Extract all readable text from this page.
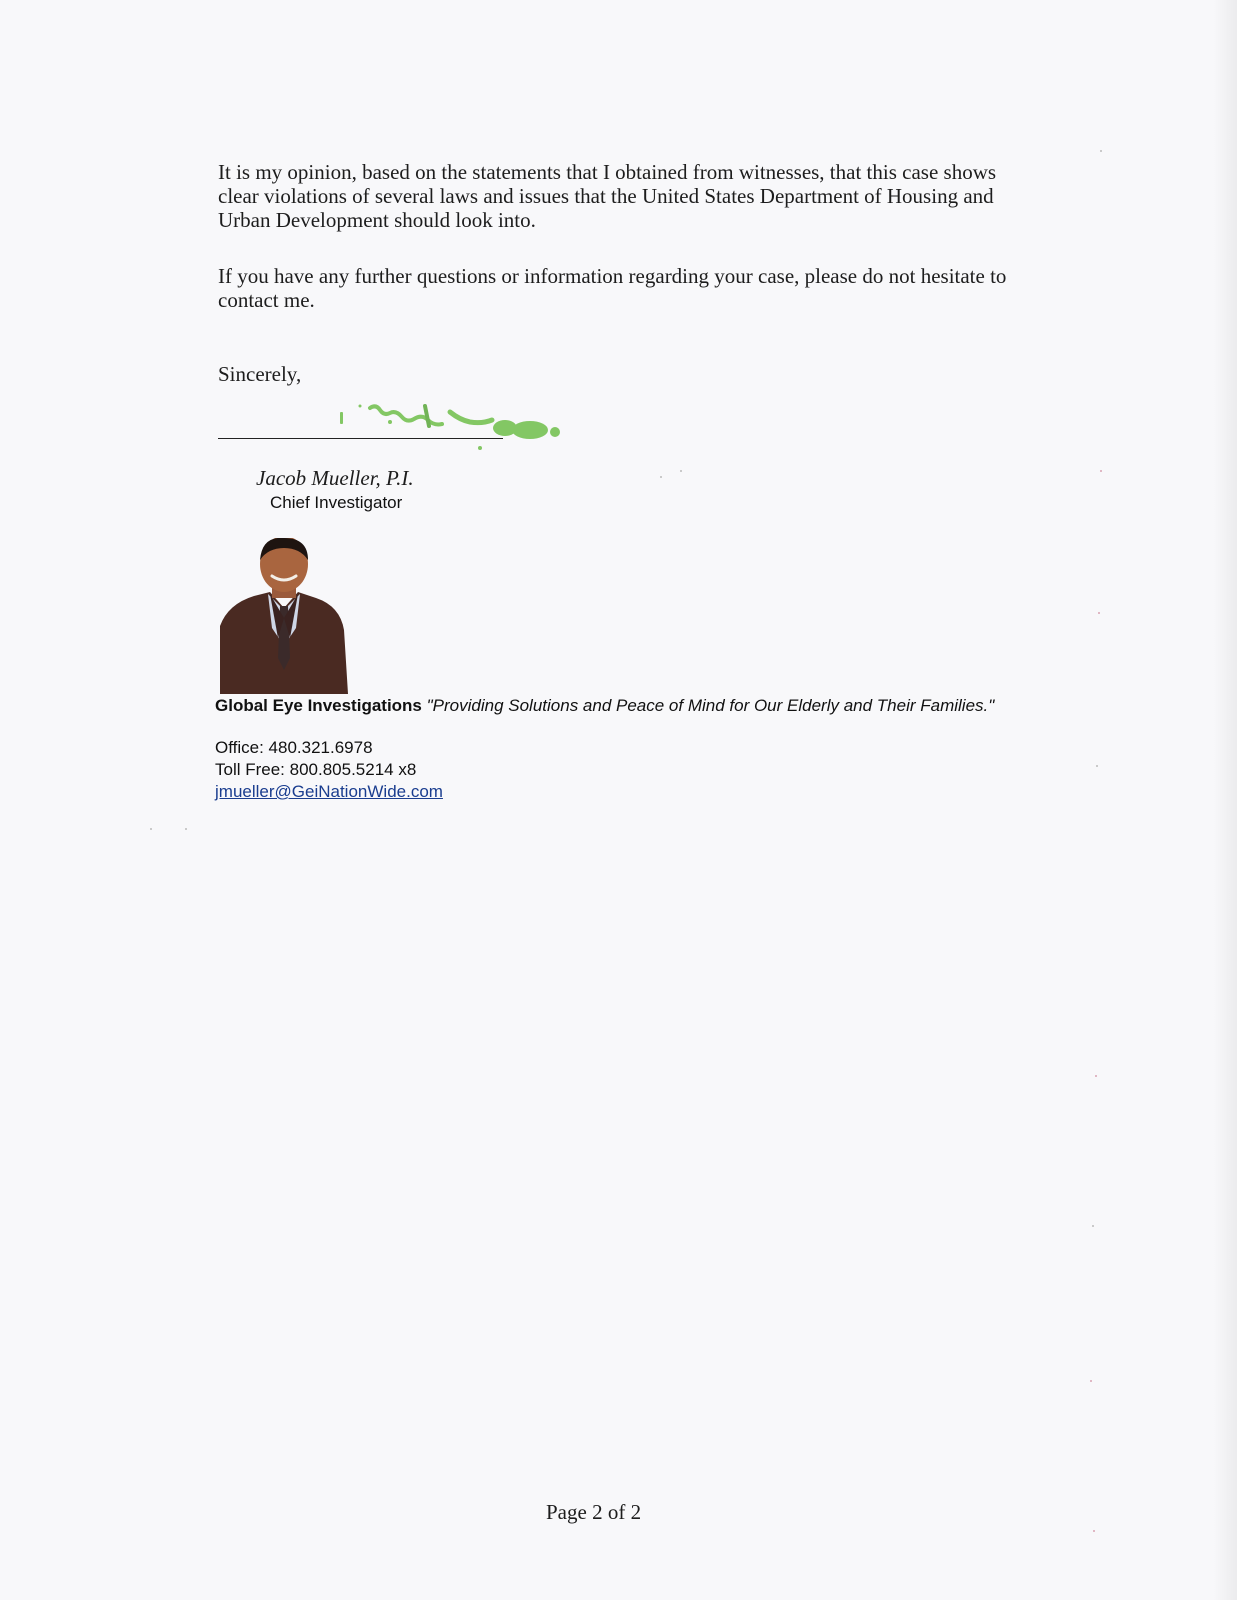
It is my opinion, based on the statements that I obtained from witnesses, that this case shows clear violations of several laws and issues that the United States Department of Housing and Urban Development should look into.

If you have any further questions or information regarding your case, please do not hesitate to contact me.

Sincerely,
Jacob Mueller, P.I.
Chief Investigator
Global Eye Investigations "Providing Solutions and Peace of Mind for Our Elderly and Their Families."
Office: 480.321.6978
Toll Free: 800.805.5214 x8
jmueller@GeiNationWide.com
Page 2 of 2
